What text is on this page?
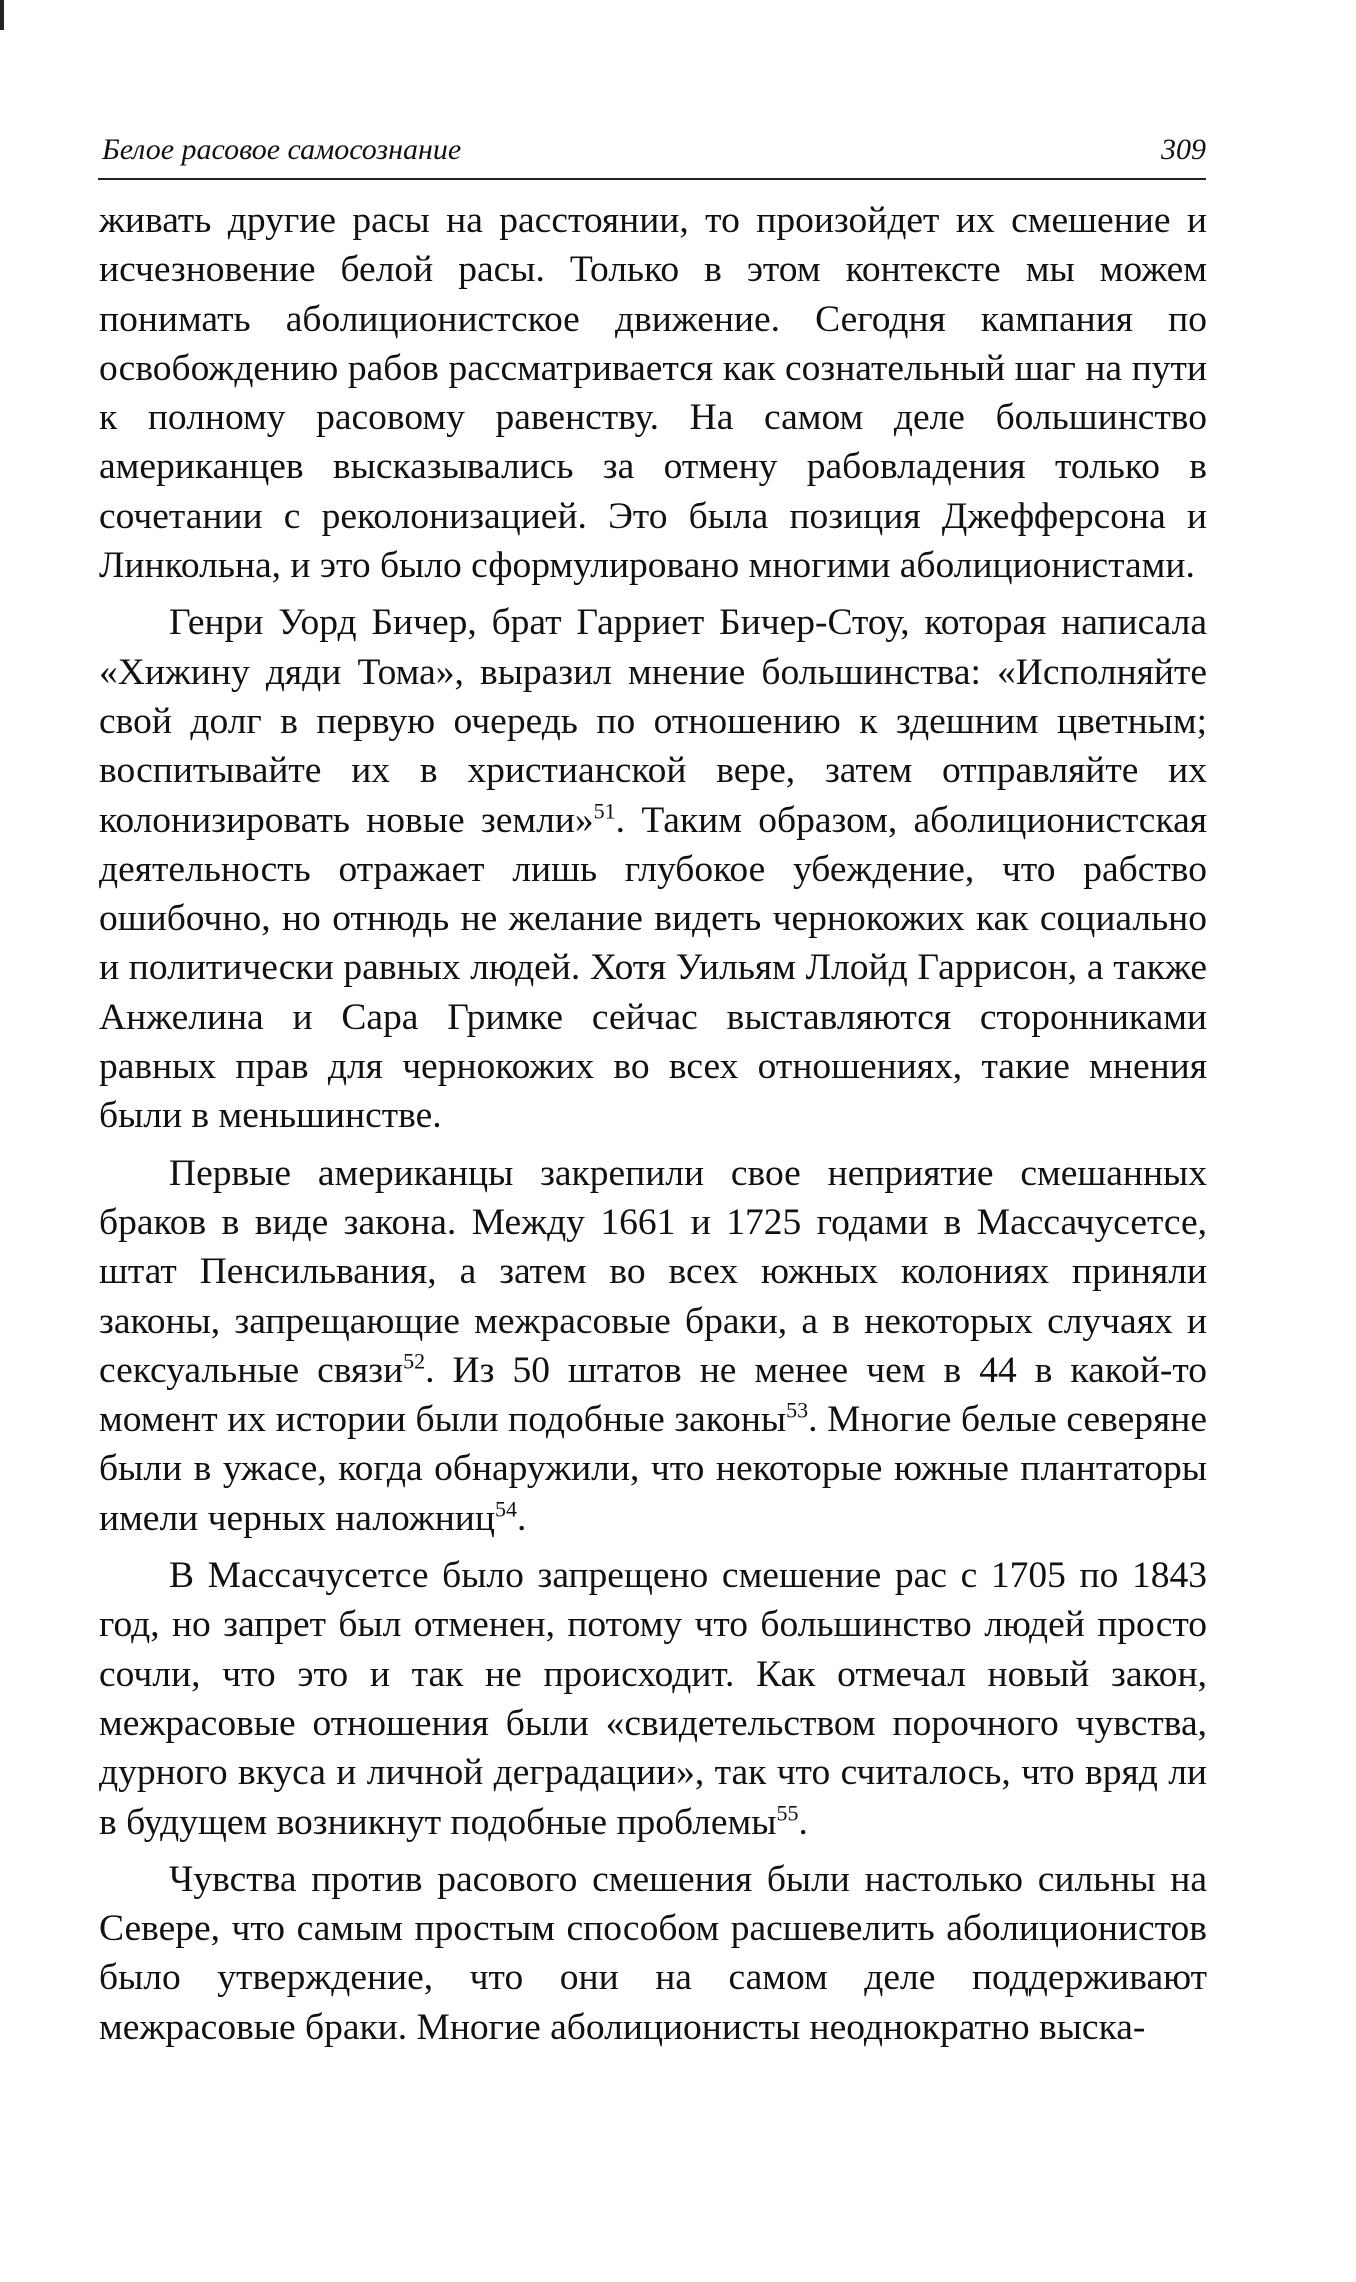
Белое расовое самосознание	309

живать другие расы на расстоянии, то произойдет их смешение и исчезновение белой расы. Только в этом контексте мы можем понимать аболиционистское движение. Сегодня кампания по освобождению рабов рассматривается как сознательный шаг на пути к полному расовому равенству. На самом деле большинство американцев высказывались за отмену рабовладения только в сочетании с реколонизацией. Это была позиция Джефферсона и Линкольна, и это было сформулировано многими аболиционистами.

Генри Уорд Бичер, брат Гарриет Бичер-Стоу, которая написала «Хижину дяди Тома», выразил мнение большинства: «Исполняйте свой долг в первую очередь по отношению к здешним цветным; воспитывайте их в христианской вере, затем отправляйте их колонизировать новые земли»$^{51}$. Таким образом, аболиционистская деятельность отражает лишь глубокое убеждение, что рабство ошибочно, но отнюдь не желание видеть чернокожих как социально и политически равных людей. Хотя Уильям Ллойд Гаррисон, а также Анжелина и Сара Гримке сейчас выставляются сторонниками равных прав для чернокожих во всех отношениях, такие мнения были в меньшинстве.

Первые американцы закрепили свое неприятие смешанных браков в виде закона. Между 1661 и 1725 годами в Массачусетсе, штат Пенсильвания, а затем во всех южных колониях приняли законы, запрещающие межрасовые браки, а в некоторых случаях и сексуальные связи$^{52}$. Из 50 штатов не менее чем в 44 в какой-то момент их истории были подобные законы$^{53}$. Многие белые северяне были в ужасе, когда обнаружили, что некоторые южные плантаторы имели черных наложниц$^{54}$.

В Массачусетсе было запрещено смешение рас с 1705 по 1843 год, но запрет был отменен, потому что большинство людей просто сочли, что это и так не происходит. Как отмечал новый закон, межрасовые отношения были «свидетельством порочного чувства, дурного вкуса и личной деградации», так что считалось, что вряд ли в будущем возникнут подобные проблемы$^{55}$.

Чувства против расового смешения были настолько сильны на Севере, что самым простым способом расшевелить аболиционистов было утверждение, что они на самом деле поддерживают межрасовые браки. Многие аболиционисты неоднократно выска-
